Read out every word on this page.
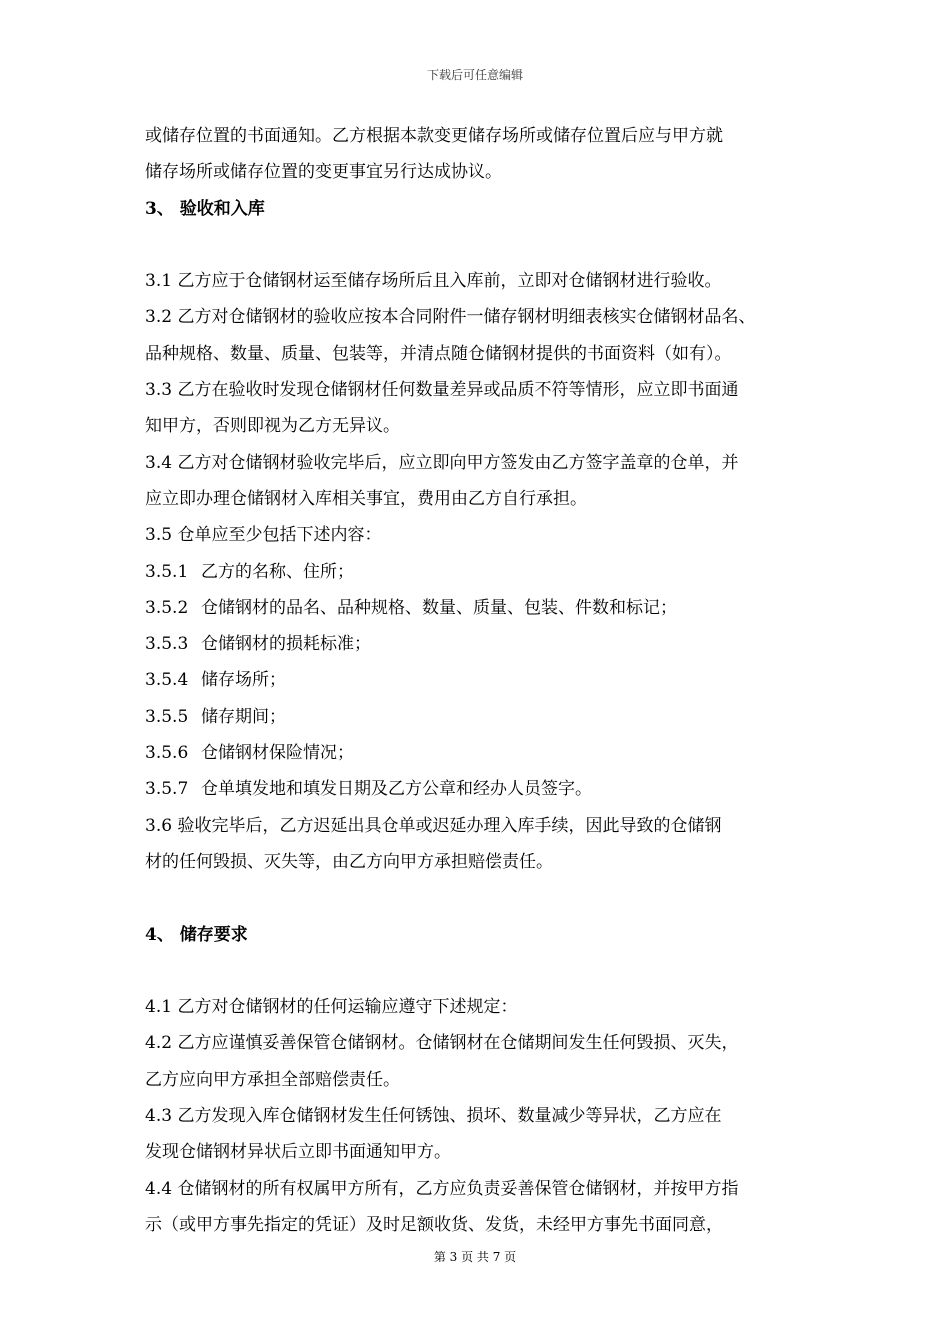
下载后可任意编辑
或储存位置的书面通知。乙方根据本款变更储存场所或储存位置后应与甲方就
储存场所或储存位置的变更事宜另行达成协议。
3、 验收和入库
3.1 乙方应于仓储钢材运至储存场所后且入库前，立即对仓储钢材进行验收。
3.2 乙方对仓储钢材的验收应按本合同附件一储存钢材明细表核实仓储钢材品名、
品种规格、数量、质量、包装等，并清点随仓储钢材提供的书面资料（如有）。
3.3 乙方在验收时发现仓储钢材任何数量差异或品质不符等情形，应立即书面通
知甲方，否则即视为乙方无异议。
3.4 乙方对仓储钢材验收完毕后，应立即向甲方签发由乙方签字盖章的仓单，并
应立即办理仓储钢材入库相关事宜，费用由乙方自行承担。
3.5 仓单应至少包括下述内容：
3.5.1 乙方的名称、住所；
3.5.2 仓储钢材的品名、品种规格、数量、质量、包装、件数和标记；
3.5.3 仓储钢材的损耗标准；
3.5.4 储存场所；
3.5.5 储存期间；
3.5.6 仓储钢材保险情况；
3.5.7 仓单填发地和填发日期及乙方公章和经办人员签字。
3.6 验收完毕后，乙方迟延出具仓单或迟延办理入库手续，因此导致的仓储钢
材的任何毁损、灭失等，由乙方向甲方承担赔偿责任。
4、 储存要求
4.1 乙方对仓储钢材的任何运输应遵守下述规定：
4.2 乙方应谨慎妥善保管仓储钢材。仓储钢材在仓储期间发生任何毁损、灭失，
乙方应向甲方承担全部赔偿责任。
4.3 乙方发现入库仓储钢材发生任何锈蚀、损坏、数量减少等异状，乙方应在
发现仓储钢材异状后立即书面通知甲方。
4.4 仓储钢材的所有权属甲方所有，乙方应负责妥善保管仓储钢材，并按甲方指
示（或甲方事先指定的凭证）及时足额收货、发货，未经甲方事先书面同意，
第 3 页 共 7 页
